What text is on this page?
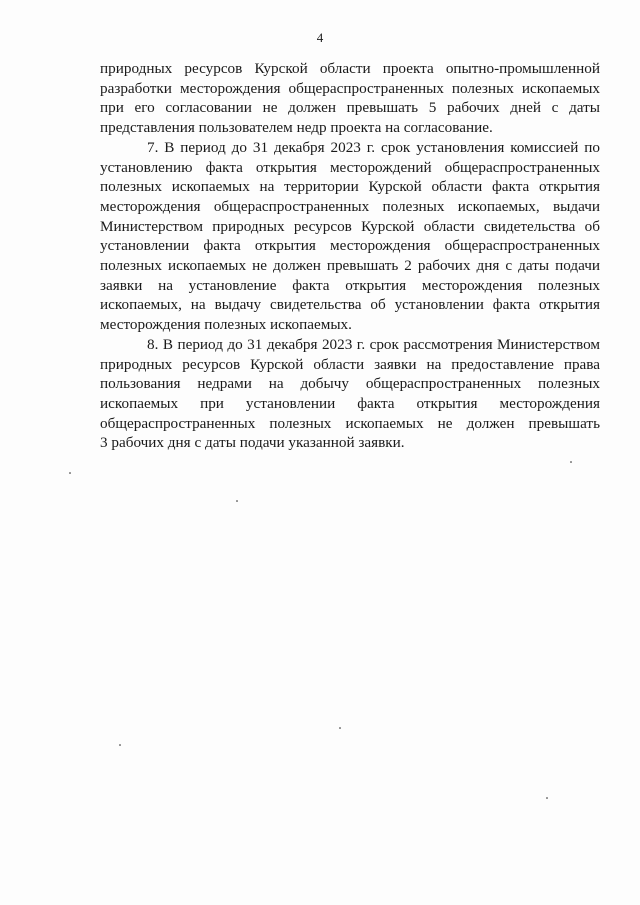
4
природных ресурсов Курской области проекта опытно-промышленной
разработки месторождения общераспространенных полезных ископаемых
при его согласовании не должен превышать 5 рабочих дней с даты
представления пользователем недр проекта на согласование.
7. В период до 31 декабря 2023 г. срок установления комиссией по
установлению факта открытия месторождений общераспространенных
полезных ископаемых на территории Курской области факта открытия
месторождения общераспространенных полезных ископаемых, выдачи
Министерством природных ресурсов Курской области свидетельства об
установлении факта открытия месторождения общераспространенных
полезных ископаемых не должен превышать 2 рабочих дня с даты подачи
заявки на установление факта открытия месторождения полезных
ископаемых, на выдачу свидетельства об установлении факта открытия
месторождения полезных ископаемых.
8. В период до 31 декабря 2023 г. срок рассмотрения Министерством
природных ресурсов Курской области заявки на предоставление права
пользования недрами на добычу общераспространенных полезных
ископаемых при установлении факта открытия месторождения
общераспространенных полезных ископаемых не должен превышать
3 рабочих дня с даты подачи указанной заявки.
